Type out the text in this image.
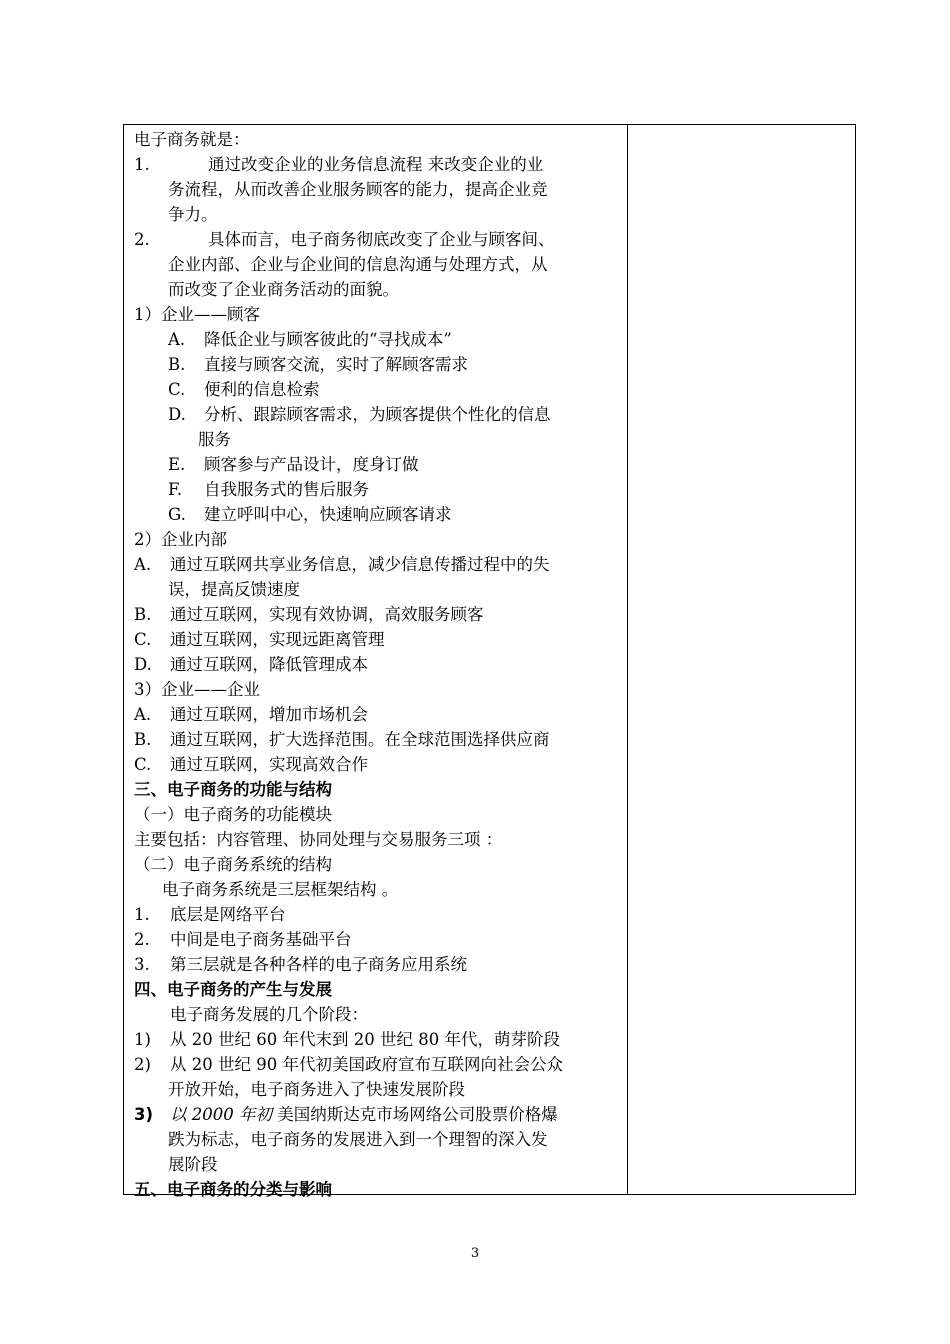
电子商务就是：
1.	通过改变企业的业务信息流程 来改变企业的业
务流程，从而改善企业服务顾客的能力，提高企业竞
争力。
2.	具体而言，电子商务彻底改变了企业与顾客间、
企业内部、企业与企业间的信息沟通与处理方式，从
而改变了企业商务活动的面貌。
1）企业——顾客
A. 降低企业与顾客彼此的“寻找成本”
B. 直接与顾客交流，实时了解顾客需求
C. 便利的信息检索
D. 分析、跟踪顾客需求，为顾客提供个性化的信息
服务
E. 顾客参与产品设计，度身订做
F. 自我服务式的售后服务
G. 建立呼叫中心，快速响应顾客请求
2）企业内部
A. 通过互联网共享业务信息，减少信息传播过程中的失
误，提高反馈速度
B. 通过互联网，实现有效协调，高效服务顾客
C. 通过互联网，实现远距离管理
D. 通过互联网，降低管理成本
3）企业——企业
A. 通过互联网，增加市场机会
B. 通过互联网，扩大选择范围。在全球范围选择供应商
C. 通过互联网，实现高效合作
三、电子商务的功能与结构
（一）电子商务的功能模块
主要包括：内容管理、协同处理与交易服务三项 ：
（二）电子商务系统的结构
电子商务系统是三层框架结构 。
1. 底层是网络平台
2. 中间是电子商务基础平台
3. 第三层就是各种各样的电子商务应用系统
四、电子商务的产生与发展
电子商务发展的几个阶段：
1) 从 20 世纪 60 年代末到 20 世纪 80 年代，萌芽阶段
2) 从 20 世纪 90 年代初美国政府宣布互联网向社会公众
开放开始，电子商务进入了快速发展阶段
3) 以 2000 年初 美国纳斯达克市场网络公司股票价格爆
跌为标志，电子商务的发展进入到一个理智的深入发
展阶段
五、电子商务的分类与影响
3
